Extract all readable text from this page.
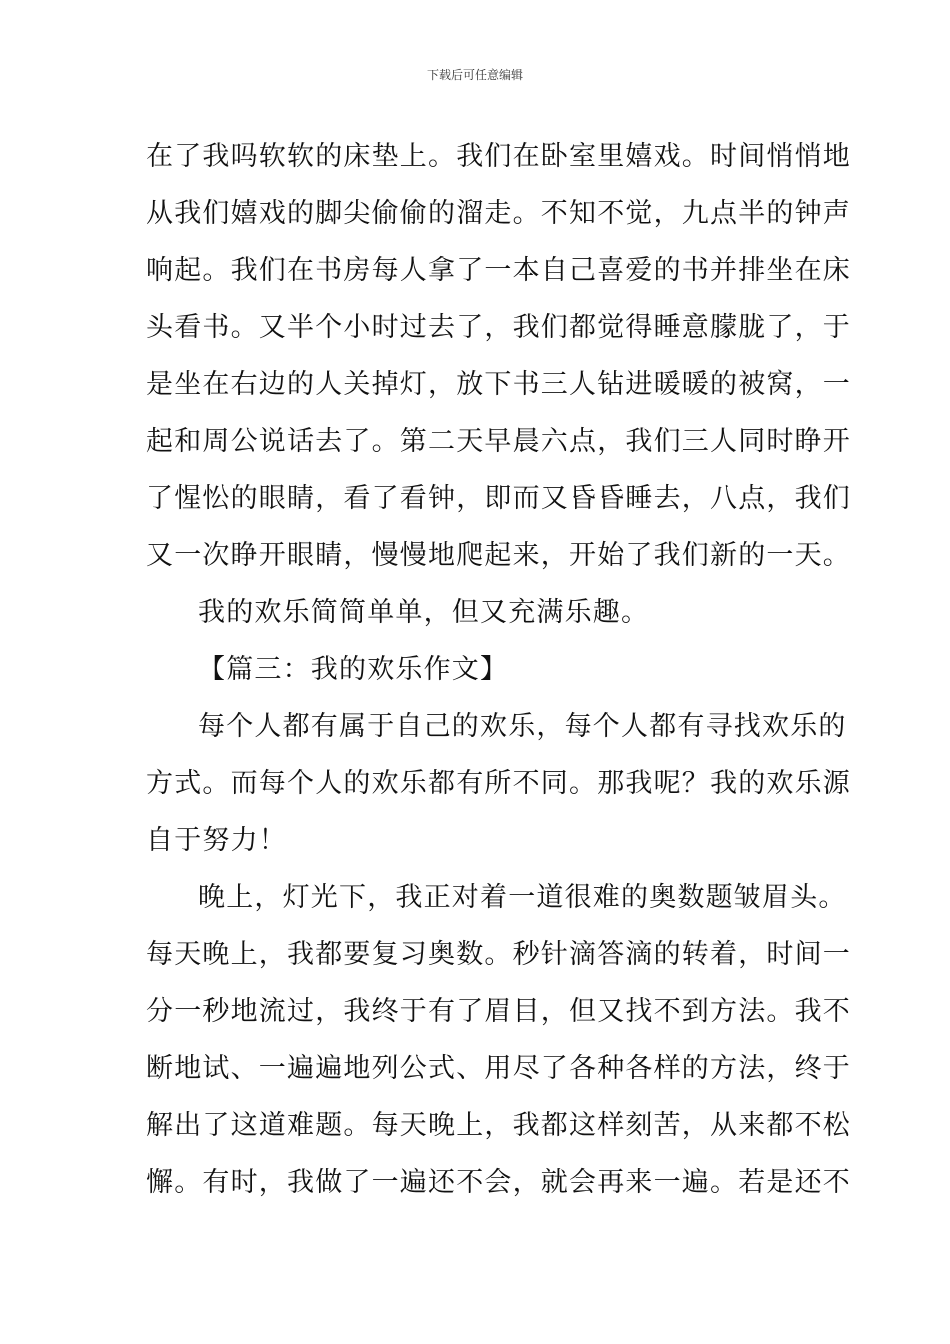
下载后可任意编辑
在了我吗软软的床垫上。我们在卧室里嬉戏。时间悄悄地
从我们嬉戏的脚尖偷偷的溜走。不知不觉，九点半的钟声
响起。我们在书房每人拿了一本自己喜爱的书并排坐在床
头看书。又半个小时过去了，我们都觉得睡意朦胧了，于
是坐在右边的人关掉灯，放下书三人钻进暖暖的被窝，一
起和周公说话去了。第二天早晨六点，我们三人同时睁开
了惺忪的眼睛，看了看钟，即而又昏昏睡去，八点，我们
又一次睁开眼睛，慢慢地爬起来，开始了我们新的一天。
我的欢乐简简单单，但又充满乐趣。
【篇三：我的欢乐作文】
每个人都有属于自己的欢乐，每个人都有寻找欢乐的
方式。而每个人的欢乐都有所不同。那我呢？我的欢乐源
自于努力！
晚上，灯光下，我正对着一道很难的奥数题皱眉头。
每天晚上，我都要复习奥数。秒针滴答滴的转着，时间一
分一秒地流过，我终于有了眉目，但又找不到方法。我不
断地试、一遍遍地列公式、用尽了各种各样的方法，终于
解出了这道难题。每天晚上，我都这样刻苦，从来都不松
懈。有时，我做了一遍还不会，就会再来一遍。若是还不
